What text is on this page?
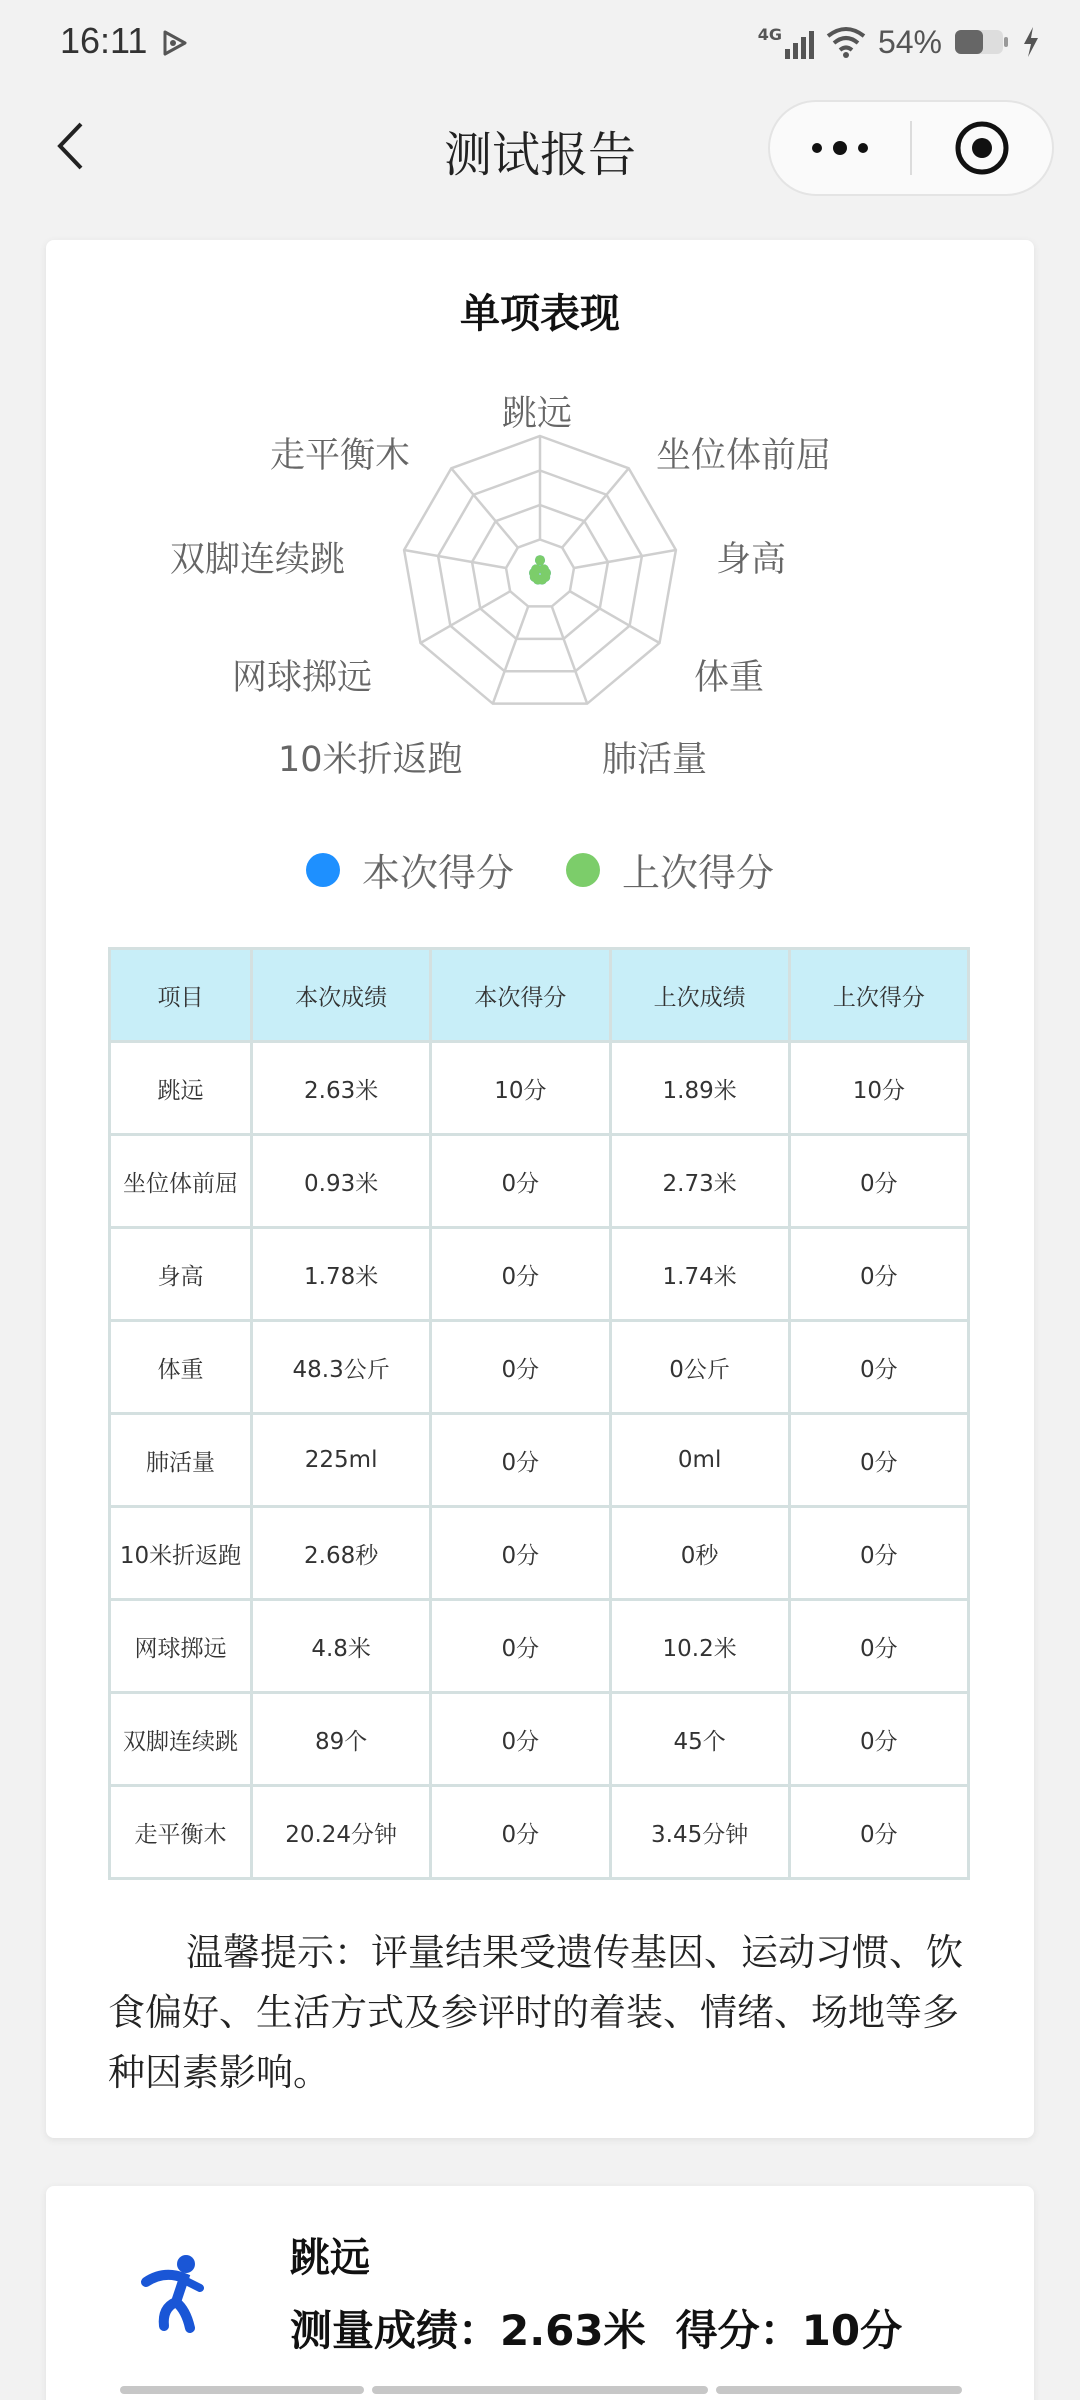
16:11	4G	54%
测试报告
单项表现
跳远
坐位体前屈
身高
体重
肺活量
10米折返跑
网球掷远
双脚连续跳
走平衡木
本次得分	上次得分
项目	本次成绩	本次得分	上次成绩	上次得分
跳远	2.63米	10分	1.89米	10分
坐位体前屈	0.93米	0分	2.73米	0分
身高	1.78米	0分	1.74米	0分
体重	48.3公斤	0分	0公斤	0分
肺活量	225ml	0分	0ml	0分
10米折返跑	2.68秒	0分	0秒	0分
网球掷远	4.8米	0分	10.2米	0分
双脚连续跳	89个	0分	45个	0分
走平衡木	20.24分钟	0分	3.45分钟	0分

温馨提示：评量结果受遗传基因、运动习惯、饮食偏好、生活方式及参评时的着装、情绪、场地等多种因素影响。

跳远
测量成绩：2.63米 得分：10分
